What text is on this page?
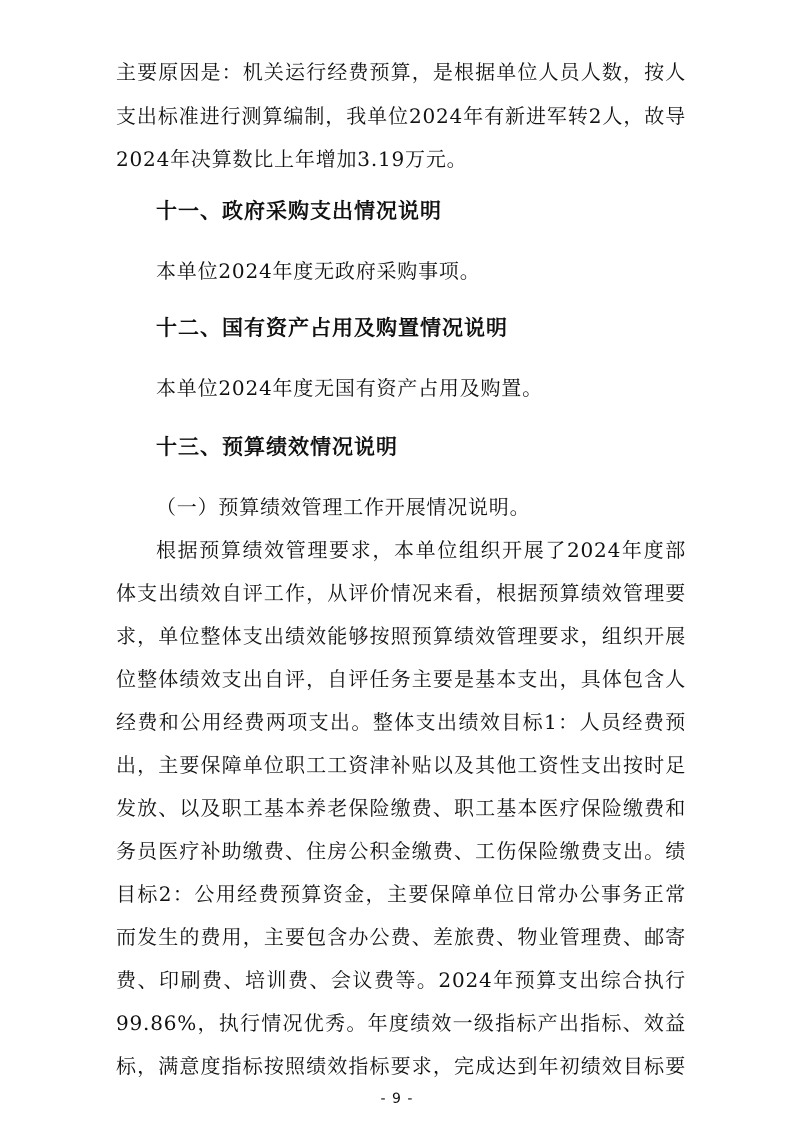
主要原因是：机关运行经费预算，是根据单位人员人数，按人
支出标准进行测算编制，我单位2024年有新进军转2人，故导
2024年决算数比上年增加3.19万元。
十一、政府采购支出情况说明
本单位2024年度无政府采购事项。
十二、国有资产占用及购置情况说明
本单位2024年度无国有资产占用及购置。
十三、预算绩效情况说明
（一）预算绩效管理工作开展情况说明。
根据预算绩效管理要求，本单位组织开展了2024年度部
体支出绩效自评工作，从评价情况来看，根据预算绩效管理要
求，单位整体支出绩效能够按照预算绩效管理要求，组织开展
位整体绩效支出自评，自评任务主要是基本支出，具体包含人
经费和公用经费两项支出。整体支出绩效目标1：人员经费预
出，主要保障单位职工工资津补贴以及其他工资性支出按时足
发放、以及职工基本养老保险缴费、职工基本医疗保险缴费和
务员医疗补助缴费、住房公积金缴费、工伤保险缴费支出。绩
目标2：公用经费预算资金，主要保障单位日常办公事务正常
而发生的费用，主要包含办公费、差旅费、物业管理费、邮寄
费、印刷费、培训费、会议费等。2024年预算支出综合执行
99.86%，执行情况优秀。年度绩效一级指标产出指标、效益
标，满意度指标按照绩效指标要求，完成达到年初绩效目标要
- 9 -
